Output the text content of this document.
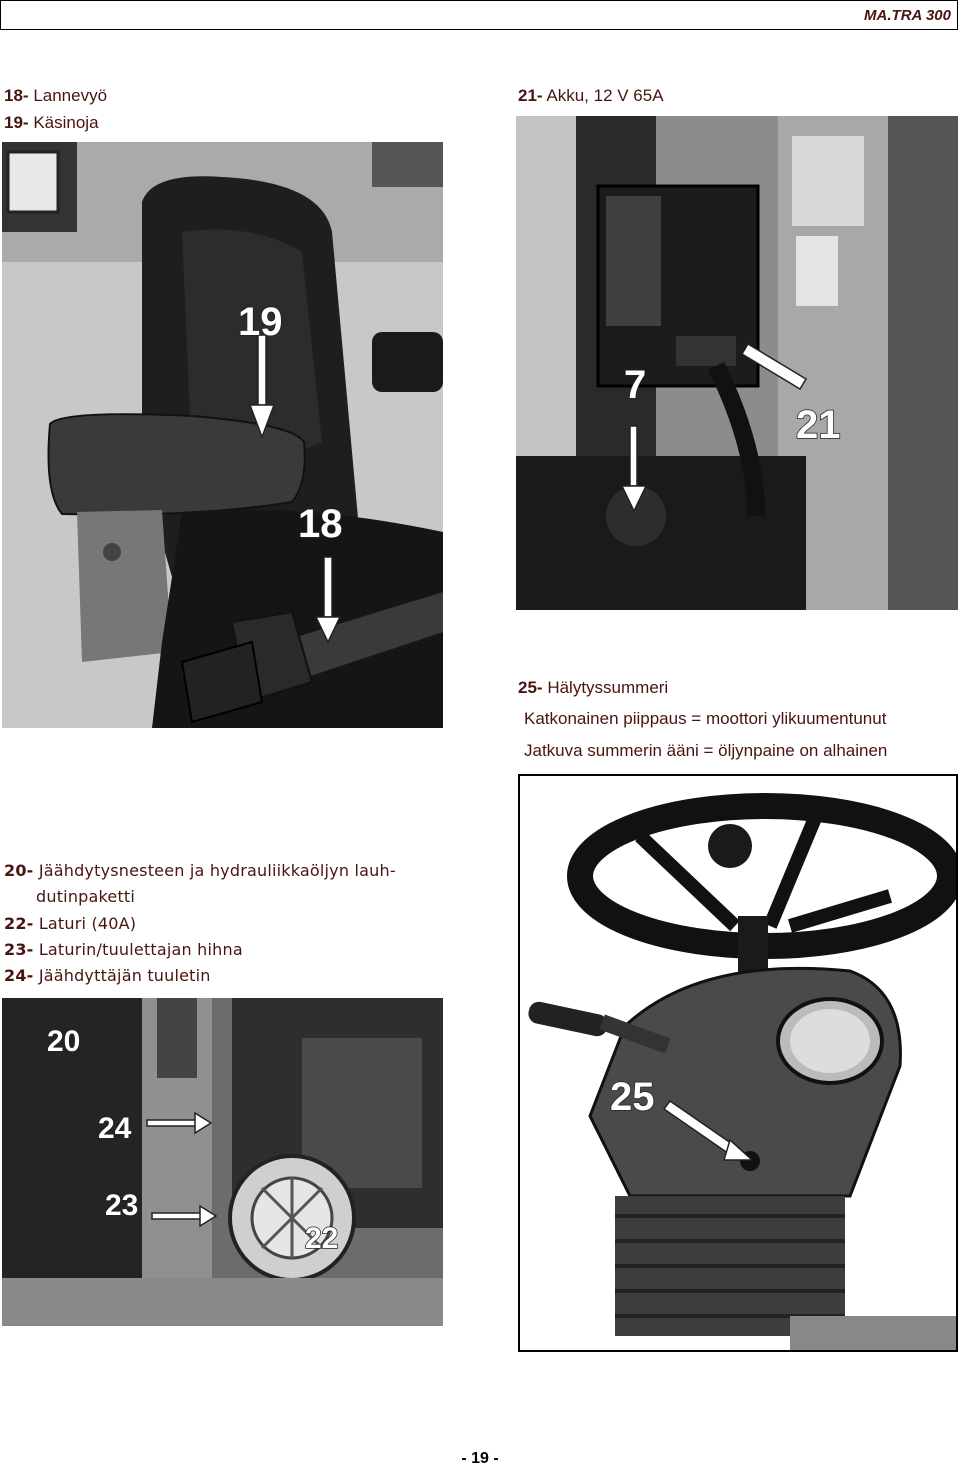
MA.TRA 300
18- Lannevyö
19- Käsinoja
21- Akku, 12 V 65A
19
18
7
21
25- Hälytyssummeri
Katkonainen piippaus = moottori ylikuumentunut
Jatkuva summerin ääni = öljynpaine on alhainen
20- Jäähdytysnesteen ja hydrauliikkaöljyn lauh-
dutinpaketti
22- Laturi (40A)
23- Laturin/tuulettajan hihna
24- Jäähdyttäjän tuuletin
25
20
24
23
22
- 19 -
